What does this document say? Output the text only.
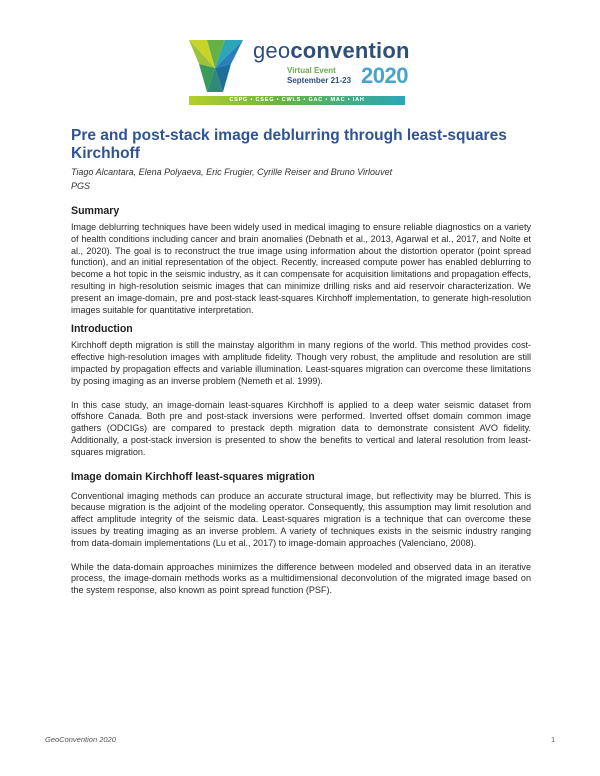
geoconvention
Virtual Event
September 21-23 2020
CSPG • CSEG • CWLS • GAC • MAC • IAH
Pre and post-stack image deblurring through least-squares Kirchhoff
Tiago Alcantara, Elena Polyaeva, Eric Frugier, Cyrille Reiser and Bruno Virlouvet
PGS
Summary

Image deblurring techniques have been widely used in medical imaging to ensure reliable diagnostics on a variety of health conditions including cancer and brain anomalies (Debnath et al., 2013, Agarwal et al., 2017, and Nolte et al., 2020). The goal is to reconstruct the true image using information about the distortion operator (point spread function), and an initial representation of the object. Recently, increased compute power has enabled deblurring to become a hot topic in the seismic industry, as it can compensate for acquisition limitations and propagation effects, resulting in high-resolution seismic images that can minimize drilling risks and aid reservoir characterization. We present an image-domain, pre and post-stack least-squares Kirchhoff implementation, to generate high-resolution images suitable for quantitative interpretation.

Introduction

Kirchhoff depth migration is still the mainstay algorithm in many regions of the world. This method provides cost-effective high-resolution images with amplitude fidelity. Though very robust, the amplitude and resolution are still impacted by propagation effects and variable illumination. Least-squares migration can overcome these limitations by posing imaging as an inverse problem (Nemeth et al. 1999).

In this case study, an image-domain least-squares Kirchhoff is applied to a deep water seismic dataset from offshore Canada. Both pre and post-stack inversions were performed. Inverted offset domain common image gathers (ODCIGs) are compared to prestack depth migration data to demonstrate consistent AVO fidelity. Additionally, a post-stack inversion is presented to show the benefits to vertical and lateral resolution from least-squares migration.

Image domain Kirchhoff least-squares migration

Conventional imaging methods can produce an accurate structural image, but reflectivity may be blurred. This is because migration is the adjoint of the modeling operator. Consequently, this assumption may limit resolution and affect amplitude integrity of the seismic data. Least-squares migration is a technique that can overcome these issues by treating imaging as an inverse problem. A variety of techniques exists in the seismic industry ranging from data-domain implementations (Lu et al., 2017) to image-domain approaches (Valenciano, 2008).

While the data-domain approaches minimizes the difference between modeled and observed data in an iterative process, the image-domain methods works as a multidimensional deconvolution of the migrated image based on the system response, also known as point spread function (PSF).

GeoConvention 2020	1
